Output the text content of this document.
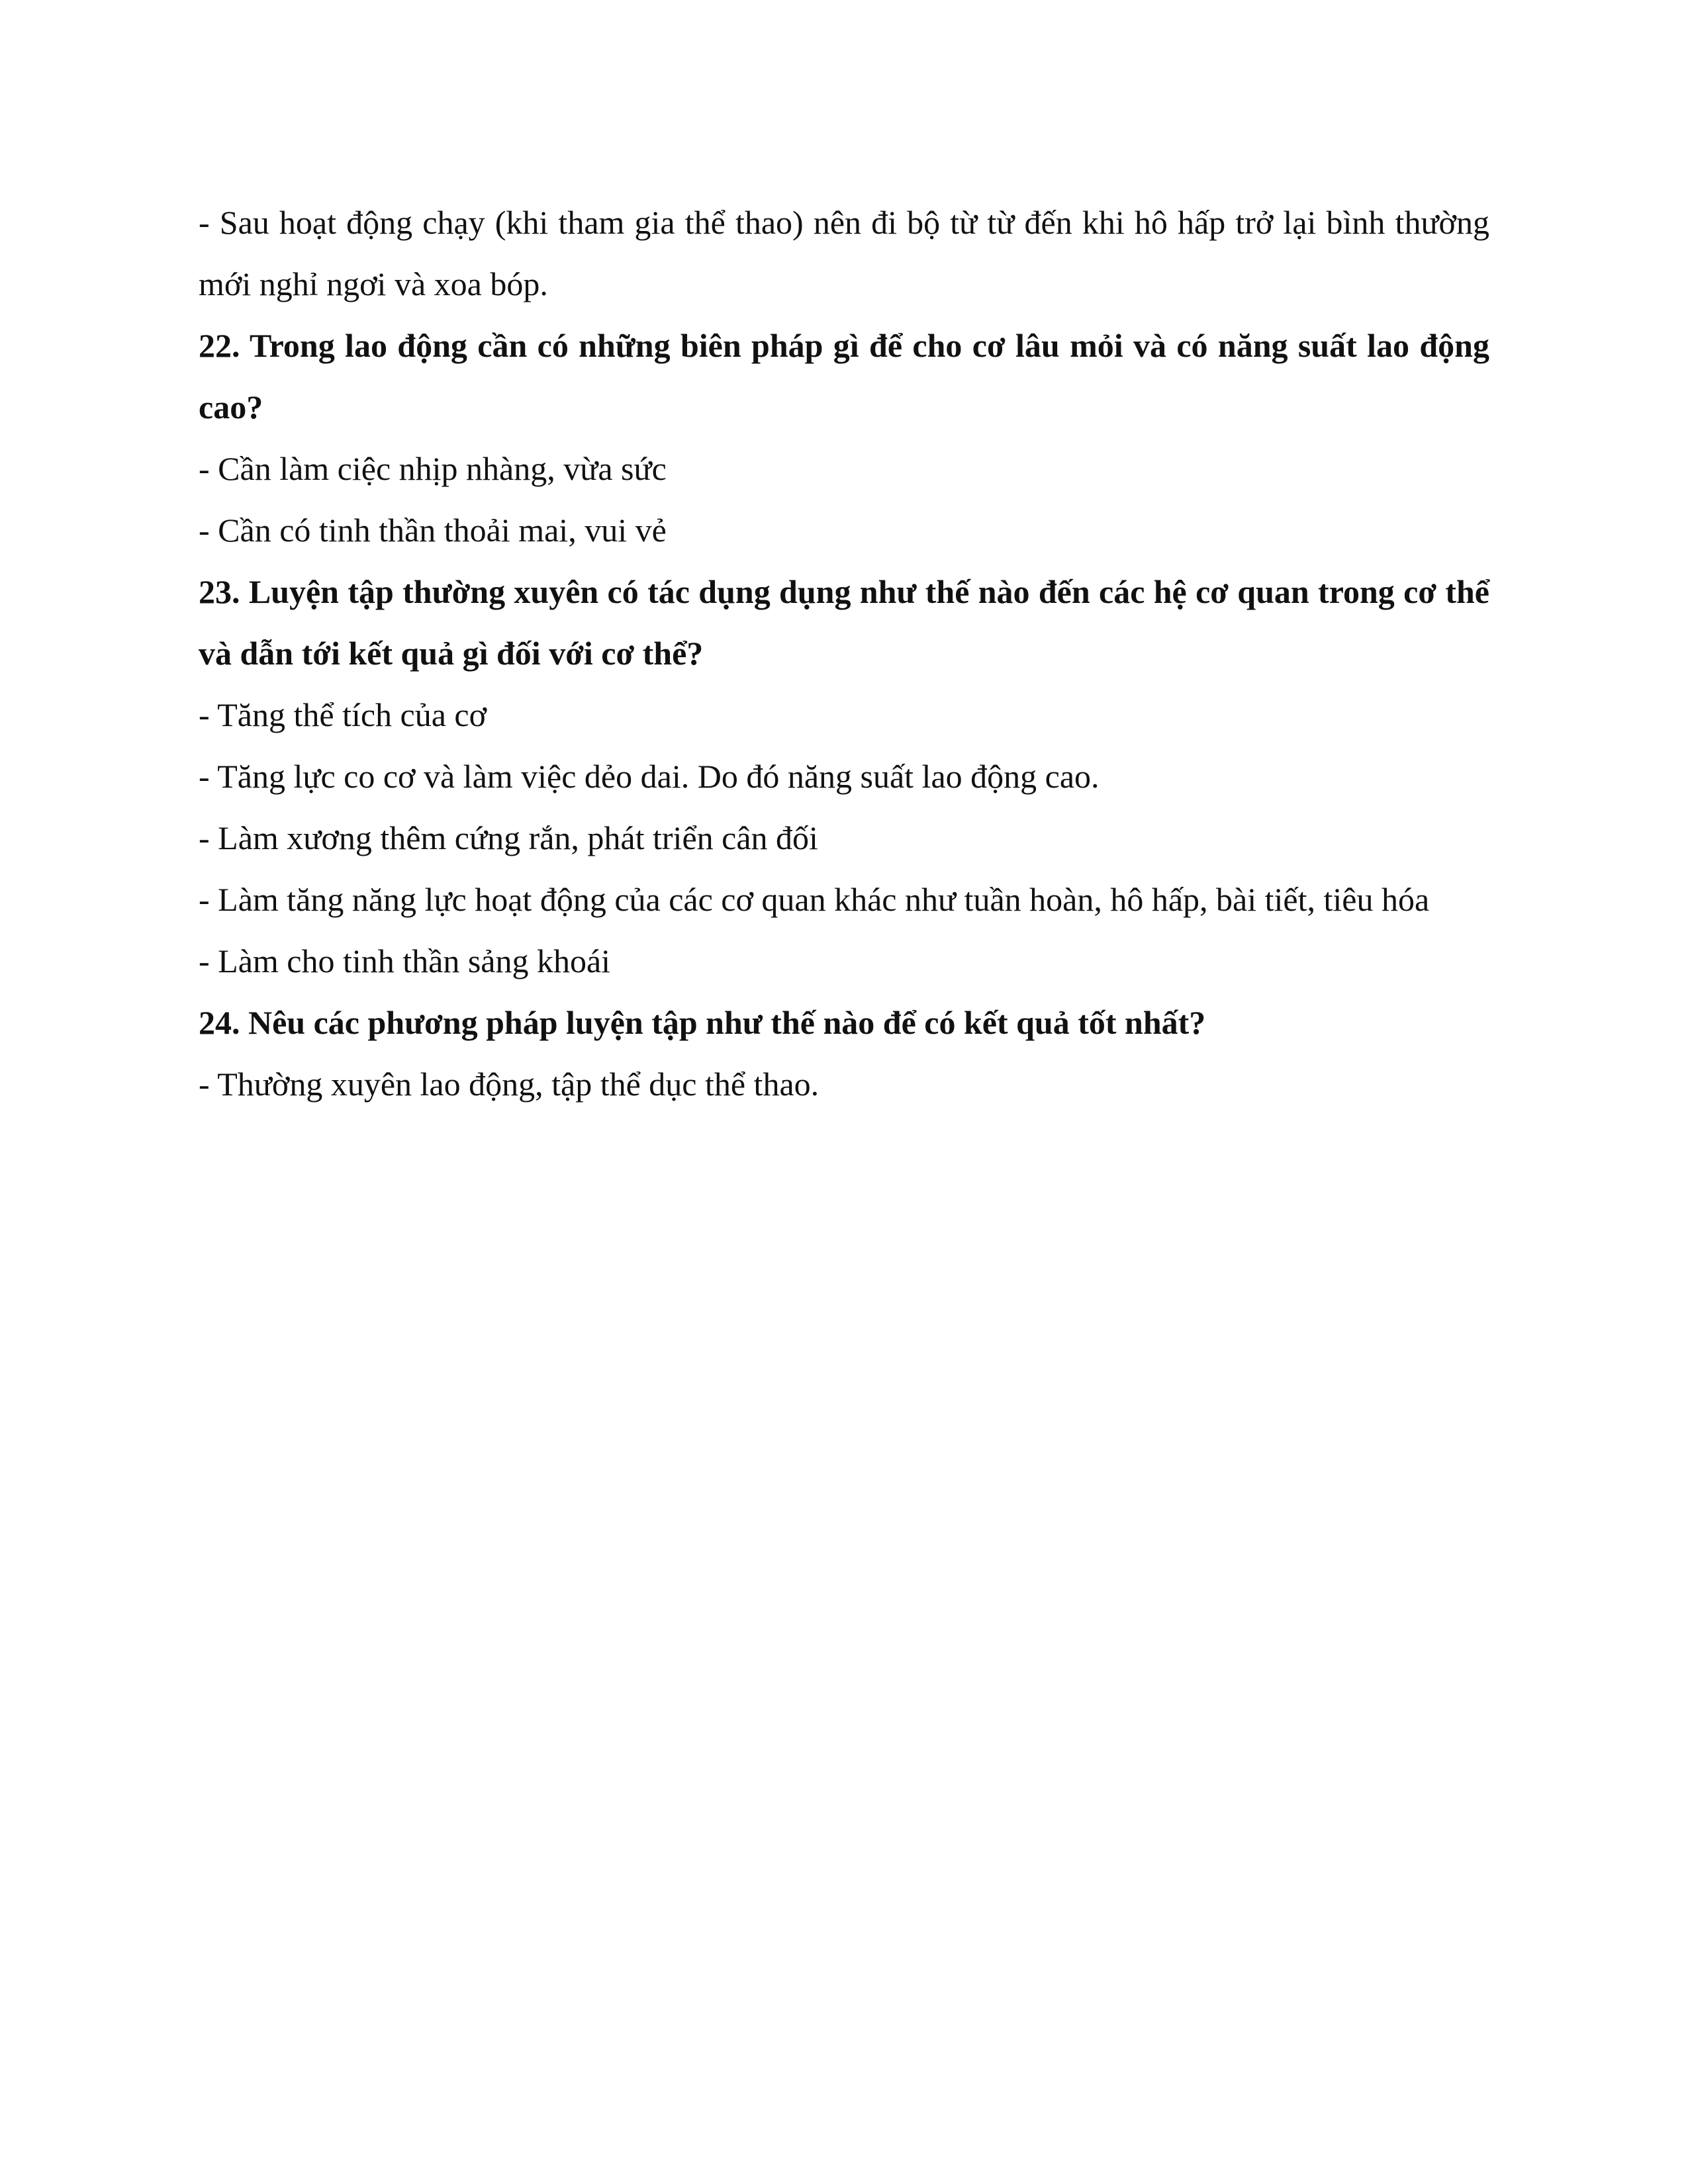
- Sau hoạt động chạy (khi tham gia thể thao) nên đi bộ từ từ đến khi hô hấp trở lại bình thường mới nghỉ ngơi và xoa bóp.

22. Trong lao động cần có những biên pháp gì để cho cơ lâu mỏi và có năng suất lao động cao?

- Cần làm ciệc nhịp nhàng, vừa sức

- Cần có tinh thần thoải mai, vui vẻ

23. Luyện tập thường xuyên có tác dụng dụng như thế nào đến các hệ cơ quan trong cơ thể và dẫn tới kết quả gì đối với cơ thể?

- Tăng thể tích của cơ

- Tăng lực co cơ và làm việc dẻo dai. Do đó năng suất lao động cao.

- Làm xương thêm cứng rắn, phát triển cân đối

- Làm tăng năng lực hoạt động của các cơ quan khác như tuần hoàn, hô hấp, bài tiết, tiêu hóa

- Làm cho tinh thần sảng khoái

24. Nêu các phương pháp luyện tập như thế nào để có kết quả tốt nhất?

- Thường xuyên lao động, tập thể dục thể thao.
